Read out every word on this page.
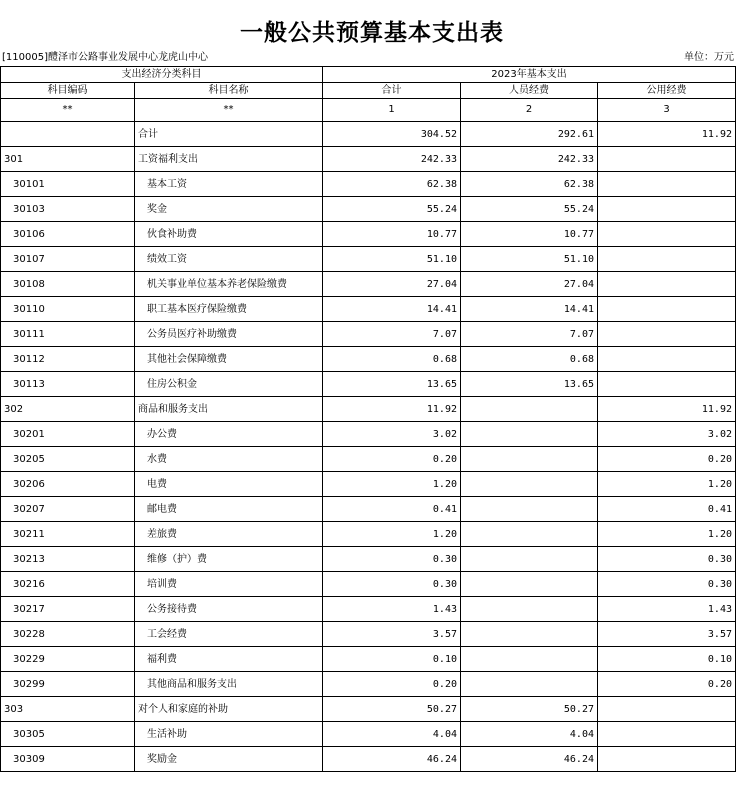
一般公共预算基本支出表
[110005]醴泽市公路事业发展中心龙虎山中心	单位：万元
支出经济分类科目		2023年基本支出		
科目编码	科目名称	合计	人员经费	公用经费
**	**	1	2	3
	合计	304.52	292.61	11.92
301	工资福利支出	242.33	242.33	
30101	基本工资	62.38	62.38	
30103	奖金	55.24	55.24	
30106	伙食补助费	10.77	10.77	
30107	绩效工资	51.10	51.10	
30108	机关事业单位基本养老保险缴费	27.04	27.04	
30110	职工基本医疗保险缴费	14.41	14.41	
30111	公务员医疗补助缴费	7.07	7.07	
30112	其他社会保障缴费	0.68	0.68	
30113	住房公积金	13.65	13.65	
302	商品和服务支出	11.92		11.92
30201	办公费	3.02		3.02
30205	水费	0.20		0.20
30206	电费	1.20		1.20
30207	邮电费	0.41		0.41
30211	差旅费	1.20		1.20
30213	维修（护）费	0.30		0.30
30216	培训费	0.30		0.30
30217	公务接待费	1.43		1.43
30228	工会经费	3.57		3.57
30229	福利费	0.10		0.10
30299	其他商品和服务支出	0.20		0.20
303	对个人和家庭的补助	50.27	50.27	
30305	生活补助	4.04	4.04	
30309	奖励金	46.24	46.24	
